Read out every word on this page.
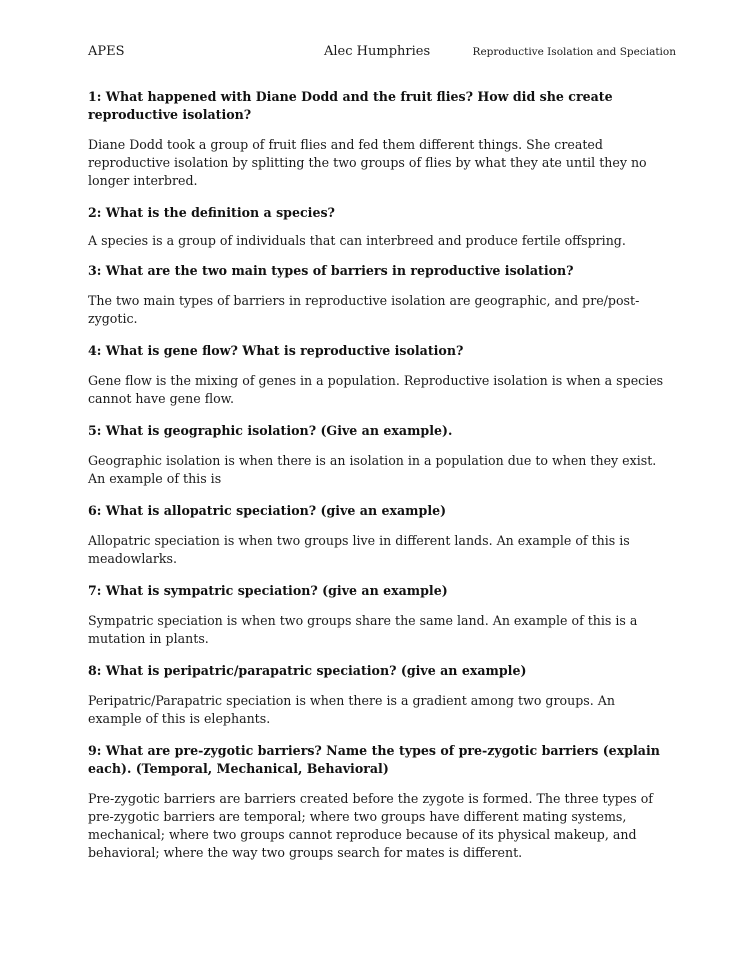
APES	Alec Humphries	Reproductive Isolation and Speciation

1: What happened with Diane Dodd and the fruit flies? How did she create reproductive isolation?

Diane Dodd took a group of fruit flies and fed them different things. She created reproductive isolation by splitting the two groups of flies by what they ate until they no longer interbred.

2: What is the definition a species?

A species is a group of individuals that can interbreed and produce fertile offspring.

3: What are the two main types of barriers in reproductive isolation?

The two main types of barriers in reproductive isolation are geographic, and pre/post-zygotic.

4: What is gene flow? What is reproductive isolation?

Gene flow is the mixing of genes in a population. Reproductive isolation is when a species cannot have gene flow.

5: What is geographic isolation? (Give an example).

Geographic isolation is when there is an isolation in a population due to when they exist. An example of this is

6: What is allopatric speciation? (give an example)

Allopatric speciation is when two groups live in different lands. An example of this is meadowlarks.

7: What is sympatric speciation? (give an example)

Sympatric speciation is when two groups share the same land. An example of this is a mutation in plants.

8: What is peripatric/parapatric speciation? (give an example)

Peripatric/Parapatric speciation is when there is a gradient among two groups. An example of this is elephants.

9: What are pre-zygotic barriers? Name the types of pre-zygotic barriers (explain each). (Temporal, Mechanical, Behavioral)

Pre-zygotic barriers are barriers created before the zygote is formed. The three types of pre-zygotic barriers are temporal; where two groups have different mating systems, mechanical; where two groups cannot reproduce because of its physical makeup, and behavioral; where the way two groups search for mates is different.
